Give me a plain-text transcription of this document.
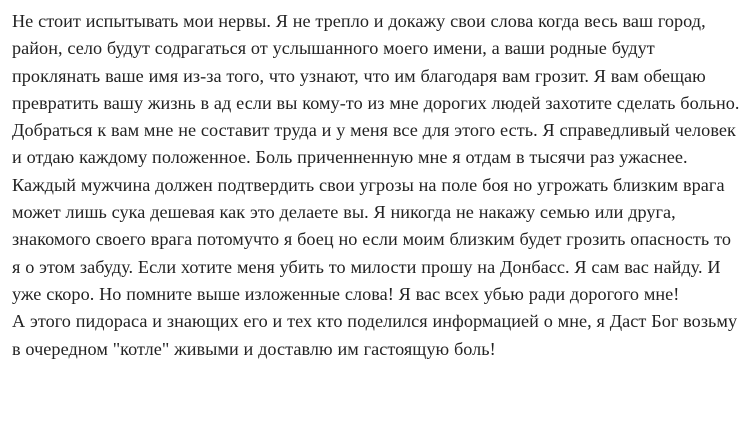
Не стоит испытывать мои нервы. Я не трепло и докажу свои слова когда весь ваш город, район, село будут содрагаться от услышанного моего имени, а ваши родные будут проклянать ваше имя из-за того, что узнают, что им благодаря вам грозит. Я вам обещаю превратить вашу жизнь в ад если вы кому-то из мне дорогих людей захотите сделать больно. Добраться к вам мне не составит труда и у меня все для этого есть. Я справедливый человек и отдаю каждому положенное. Боль приченненную мне я отдам в тысячи раз ужаснее. Каждый мужчина должен подтвердить свои угрозы на поле боя но угрожать близким врага может лишь сука дешевая как это делаете вы. Я никогда не накажу семью или друга, знакомого своего врага потомучто я боец но если моим близким будет грозить опасность то я о этом забуду. Если хотите меня убить то милости прошу на Донбасс. Я сам вас найду. И уже скоро. Но помните выше изложенные слова! Я вас всех убью ради дорогого мне!

А этого пидораса и знающих его и тех кто поделился информацией о мне, я Даст Бог возьму в очередном "котле" живыми и доставлю им гастоящую боль!
